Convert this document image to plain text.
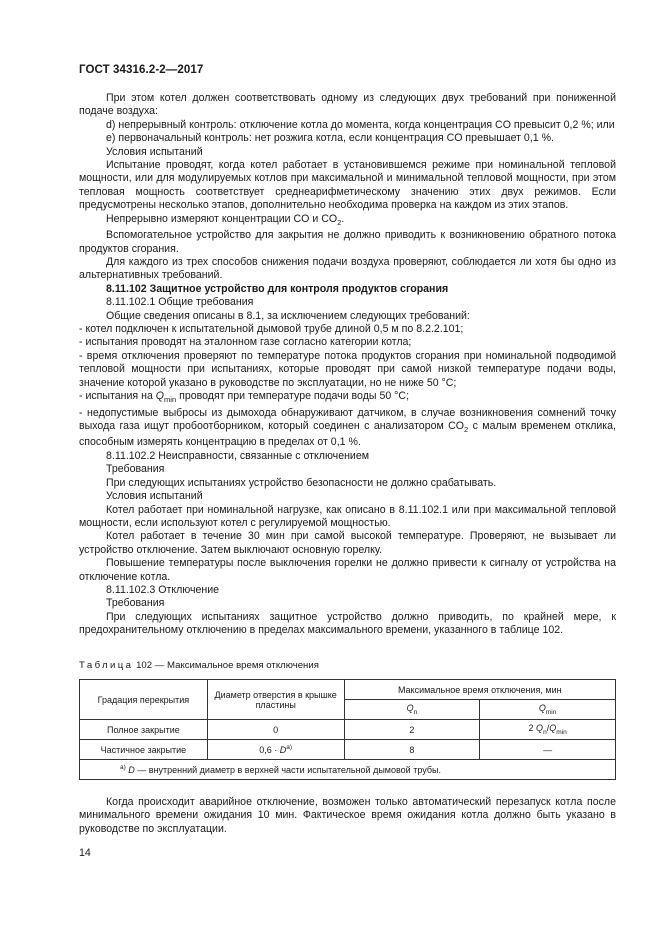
ГОСТ 34316.2-2—2017

При этом котел должен соответствовать одному из следующих двух требований при пониженной подаче воздуха:

d) непрерывный контроль: отключение котла до момента, когда концентрация CO превысит 0,2 %; или

е) первоначальный контроль: нет розжига котла, если концентрация CO превышает 0,1 %.

Условия испытаний

Испытание проводят, когда котел работает в установившемся режиме при номинальной тепловой мощности, или для модулируемых котлов при максимальной и минимальной тепловой мощности, при этом тепловая мощность соответствует среднеарифметическому значению этих двух режимов. Если предусмотрены несколько этапов, дополнительно необходима проверка на каждом из этих этапов.

Непрерывно измеряют концентрации CO и $CO_2$.

Вспомогательное устройство для закрытия не должно приводить к возникновению обратного потока продуктов сгорания.

Для каждого из трех способов снижения подачи воздуха проверяют, соблюдается ли хотя бы одно из альтернативных требований.

8.11.102 Защитное устройство для контроля продуктов сгорания

8.11.102.1 Общие требования

Общие сведения описаны в 8.1, за исключением следующих требований:

- котел подключен к испытательной дымовой трубе длиной 0,5 м по 8.2.2.101;

- испытания проводят на эталонном газе согласно категории котла;

- время отключения проверяют по температуре потока продуктов сгорания при номинальной подводимой тепловой мощности при испытаниях, которые проводят при самой низкой температуре подачи воды, значение которой указано в руководстве по эксплуатации, но не ниже 50 °С;

- испытания на $Q_{min}$ проводят при температуре подачи воды 50 °С;

- недопустимые выбросы из дымохода обнаруживают датчиком, в случае возникновения сомнений точку выхода газа ищут пробоотборником, который соединен с анализатором $CO_2$ с малым временем отклика, способным измерять концентрацию в пределах от 0,1 %.

8.11.102.2 Неисправности, связанные с отключением

Требования

При следующих испытаниях устройство безопасности не должно срабатывать.

Условия испытаний

Котел работает при номинальной нагрузке, как описано в 8.11.102.1 или при максимальной тепловой мощности, если используют котел с регулируемой мощностью.

Котел работает в течение 30 мин при самой высокой температуре. Проверяют, не вызывает ли устройство отключение. Затем выключают основную горелку.

Повышение температуры после выключения горелки не должно привести к сигналу от устройства на отключение котла.

8.11.102.3 Отключение

Требования

При следующих испытаниях защитное устройство должно приводить, по крайней мере, к предохранительному отключению в пределах максимального времени, указанного в таблице 102.

Таблица 102 — Максимальное время отключения
Градация перекрытия	Диаметр отверстия в крышке пластины	Максимальное время отключения, мин	
		$Q_n$	$Q_{min}$
Полное закрытие	0	2	2 $Q_n/Q_{min}$
Частичное закрытие	$0,6 \cdot D^{a)}$	8	—
$^{a)}$ D — внутренний диаметр в верхней части испытательной дымовой трубы.			

Когда происходит аварийное отключение, возможен только автоматический перезапуск котла после минимального времени ожидания 10 мин. Фактическое время ожидания котла должно быть указано в руководстве по эксплуатации.

14
